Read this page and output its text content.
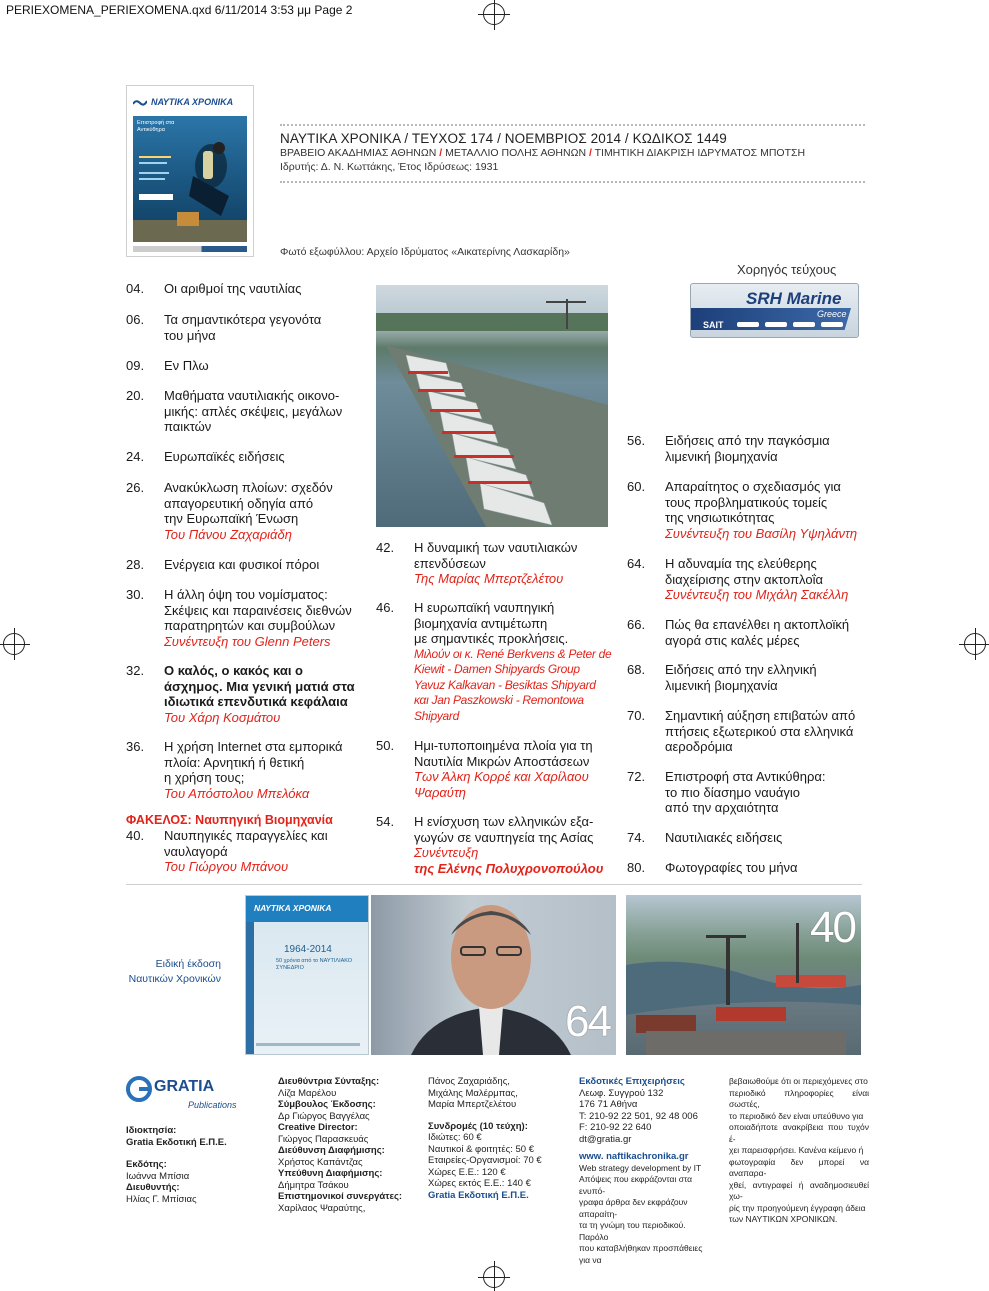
PERIEXOMENA_PERIEXOMENA.qxd 6/11/2014 3:53 μμ Page 2
ΝΑΥΤΙΚΑ ΧΡΟΝΙΚΑ
Επιστροφή στα Αντικύθηρα
ΝΑΥΤΙΚΑ ΧΡΟΝΙΚΑ / ΤΕΥΧΟΣ 174 / ΝΟΕΜΒΡΙΟΣ 2014 / ΚΩΔΙΚΟΣ 1449
ΒΡΑΒΕΙΟ ΑΚΑΔΗΜΙΑΣ ΑΘΗΝΩΝ / ΜΕΤΑΛΛΙΟ ΠΟΛΗΣ ΑΘΗΝΩΝ / ΤΙΜΗΤΙΚΗ ΔΙΑΚΡΙΣΗ ΙΔΡΥΜΑΤΟΣ ΜΠΟΤΣΗ
Ιδρυτής: Δ. Ν. Κωττάκης, Έτος Ιδρύσεως: 1931
Φωτό εξωφύλλου: Αρχείο Ιδρύματος «Αικατερίνης Λασκαρίδη»
Χορηγός τεύχους
SRH Marine
Greece
SAIT
04.	Οι αριθμοί της ναυτιλίας
06.	Τα σημαντικότερα γεγονότα
του μήνα
09.	Εν Πλω
20.	Μαθήματα ναυτιλιακής οικονο-
μικής: απλές σκέψεις, μεγάλων
παικτών
24.	Ευρωπαϊκές ειδήσεις
26.	Ανακύκλωση πλοίων: σχεδόν
απαγορευτική οδηγία από
την Ευρωπαϊκή Ένωση
Του Πάνου Ζαχαριάδη
28.	Ενέργεια και φυσικοί πόροι
30.	Η άλλη όψη του νομίσματος:
Σκέψεις και παραινέσεις διεθνών
παρατηρητών και συμβούλων
Συνέντευξη του Glenn Peters
32.	Ο καλός, ο κακός και ο
άσχημος. Μια γενική ματιά στα
ιδιωτικά επενδυτικά κεφάλαια
Του Χάρη Κοσμάτου
36.	Η χρήση Internet στα εμπορικά
πλοία: Αρνητική ή θετική
η χρήση τους;
Του Απόστολου Μπελόκα
ΦΑΚΕΛΟΣ: Ναυπηγική Βιομηχανία
40.	Ναυπηγικές παραγγελίες και
ναυλαγορά
Του Γιώργου Μπάνου
42.	Η δυναμική των ναυτιλιακών
επενδύσεων
Της Μαρίας Μπερτζελέτου
46.	Η ευρωπαϊκή ναυπηγική
βιομηχανία αντιμέτωπη
με σημαντικές προκλήσεις.
Μιλούν οι κ. René Berkvens & Peter de
Kiewit - Damen Shipyards Group
Yavuz Kalkavan - Besiktas Shipyard
και Jan Paszkowski - Remontowa
Shipyard
50.	Ημι-τυποποιημένα πλοία για τη
Ναυτιλία Μικρών Αποστάσεων
Των Άλκη Κορρέ και Χαρίλαου
Ψαραύτη
54.	Η ενίσχυση των ελληνικών εξα-
γωγών σε ναυπηγεία της Ασίας
Συνέντευξη
της Ελένης Πολυχρονοπούλου
56.	Ειδήσεις από την παγκόσμια
λιμενική βιομηχανία
60.	Απαραίτητος ο σχεδιασμός για
τους προβληματικούς τομείς
της νησιωτικότητας
Συνέντευξη του Βασίλη Υψηλάντη
64.	Η αδυναμία της ελεύθερης
διαχείρισης στην ακτοπλοΐα
Συνέντευξη του Μιχάλη Σακέλλη
66.	Πώς θα επανέλθει η ακτοπλοϊκή
αγορά στις καλές μέρες
68.	Ειδήσεις από την ελληνική
λιμενική βιομηχανία
70.	Σημαντική αύξηση επιβατών από
πτήσεις εξωτερικού στα ελληνικά
αεροδρόμια
72.	Επιστροφή στα Αντικύθηρα:
το πιο δίασημο ναυάγιο
από την αρχαιότητα
74.	Ναυτιλιακές ειδήσεις
80.	Φωτογραφίες του μήνα
Ειδική έκδοση
Ναυτικών Χρονικών
ΝΑΥΤΙΚΑ ΧΡΟΝΙΚΑ
1964-2014
50 χρόνια από το ΝΑΥΤΙΛΙΑΚΟ ΣΥΝΕΔΡΙΟ
64
40
GRATIA
Publications
Ιδιοκτησία:
Gratia Εκδοτική Ε.Π.Ε.
Εκδότης:
Ιωάννα Μπίσια
Διευθυντής:
Ηλίας Γ. Μπίσιας
Διευθύντρια Σύνταξης:
Λίζα Μαρέλου
Σύμβουλος Έκδοσης:
Δρ Γιώργος Βαγγέλας
Creative Director:
Γιώργος Παρασκευάς
Διεύθυνση Διαφήμισης:
Χρήστος Καπάντζας
Υπεύθυνη Διαφήμισης:
Δήμητρα Τσάκου
Επιστημονικοί συνεργάτες:
Χαρίλαος Ψαραύτης,
Πάνος Ζαχαριάδης,
Μιχάλης Μαλέρμπας,
Μαρία Μπερτζελέτου
Συνδρομές (10 τεύχη):
Ιδιώτες: 60 €
Ναυτικοί & φοιτητές: 50 €
Εταιρείες-Οργανισμοί: 70 €
Χώρες Ε.Ε.: 120 €
Χώρες εκτός Ε.Ε.: 140 €
Gratia Εκδοτική Ε.Π.Ε.
Εκδοτικές Επιχειρήσεις
Λεωφ. Συγγρού 132
176 71 Αθήνα
T: 210-92 22 501, 92 48 006
F: 210-92 22 640
dt@gratia.gr
www. naftikachronika.gr
Web strategy development by IT
Απόψεις που εκφράζονται στα ενυπό-
γραφα άρθρα δεν εκφράζουν απαραίτη-
τα τη γνώμη του περιοδικού. Παρόλο
που καταβλήθηκαν προσπάθειες για να
βεβαιωθούμε ότι οι περιεχόμενες στο
περιοδικό πληροφορίες είναι σωστές,
το περιοδικό δεν είναι υπεύθυνο για
οποιαδήποτε ανακρίβεια που τυχόν έ-
χει παρεισφρήσει. Κανένα κείμενο ή
φωτογραφία δεν μπορεί να αναπαρα-
χθεί, αντιγραφεί ή αναδημοσιευθεί χω-
ρίς την προηγούμενη έγγραφη άδεια
των ΝΑΥΤΙΚΩΝ ΧΡΟΝΙΚΩΝ.
